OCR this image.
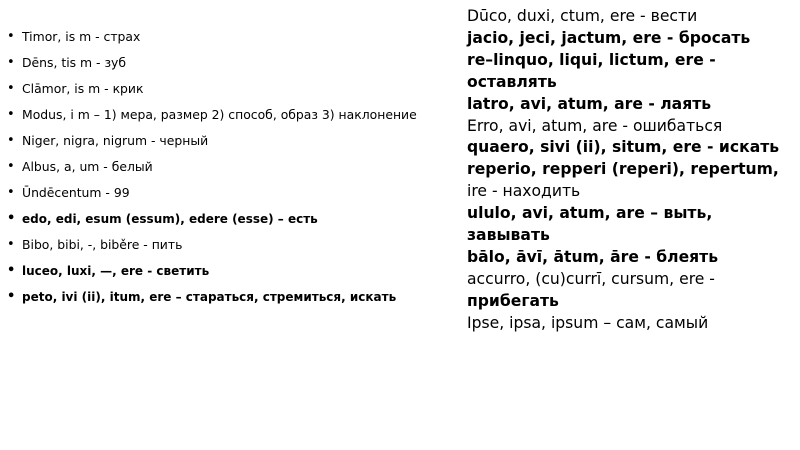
• Timor, is m - страх
• Dēns, tis m - зуб
• Clāmor, is m - крик
• Modus, i m – 1) мера, размер 2) способ, образ 3) наклонение
• Niger, nigra, nigrum - черный
• Albus, a, um - белый
• Ūndēcentum - 99
• edo, edi, esum (essum), edere (esse) – есть
• Bibo, bibi, -, biběre - пить
• luceo, luxi, —, ere - светить
• peto, ivi (ii), itum, ere – стараться, стремиться, искать
Dūco, duxi, ctum, ere - вести
jacio, jeci, jactum, ere - бросать
re–linquo, liqui, lictum, ere -
оставлять
latro, avi, atum, are - лаять
Erro, avi, atum, are - ошибаться
quaero, sivi (ii), situm, ere - искать
reperio, repperi (reperi), repertum,
ire - находить
ululo, avi, atum, are – выть,
завывать
bālo, āvī, ātum, āre - блеять
accurro, (cu)currī, cursum, ere -
прибегать
Ipse, ipsa, ipsum – сам, самый
